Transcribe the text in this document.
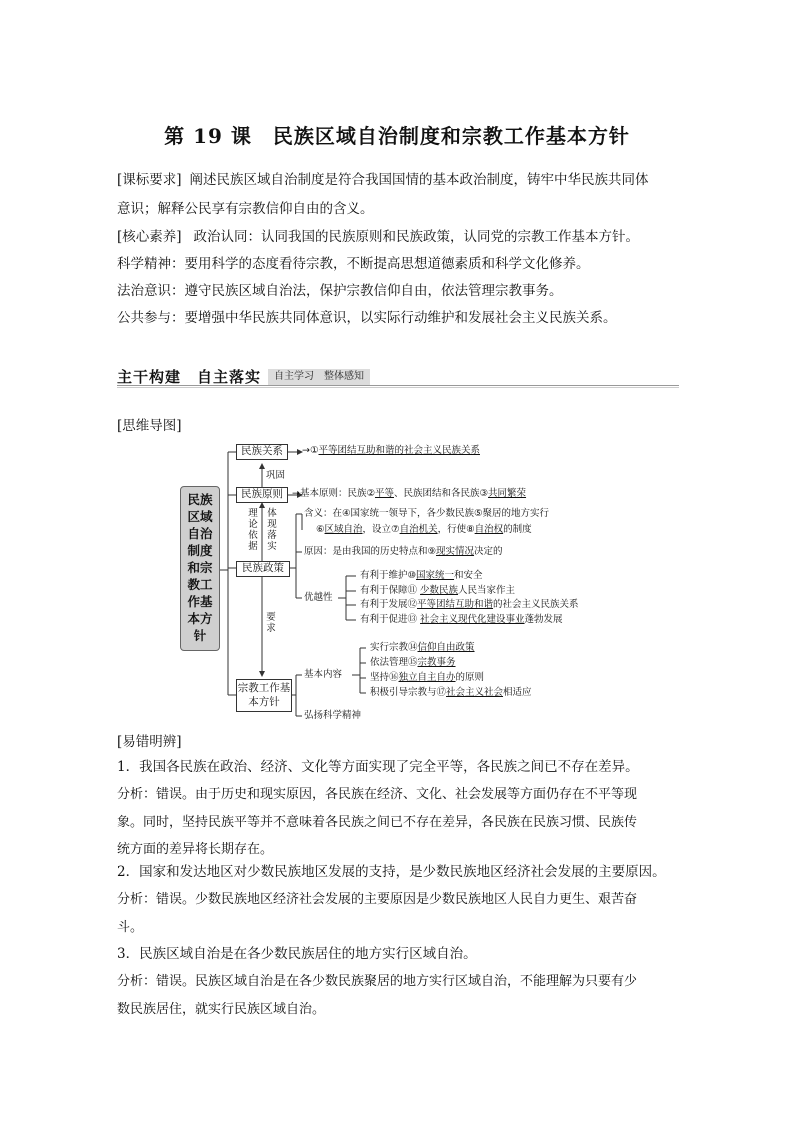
第 19 课　民族区域自治制度和宗教工作基本方针
[课标要求] 阐述民族区域自治制度是符合我国国情的基本政治制度，铸牢中华民族共同体
意识；解释公民享有宗教信仰自由的含义。
[核心素养] 政治认同：认同我国的民族原则和民族政策，认同党的宗教工作基本方针。
科学精神：要用科学的态度看待宗教，不断提高思想道德素质和科学文化修养。
法治意识：遵守民族区域自治法，保护宗教信仰自由，依法管理宗教事务。
公共参与：要增强中华民族共同体意识，以实际行动维护和发展社会主义民族关系。
主干构建　自主落实	自主学习　整体感知
[思维导图]
民族
区域
自治
制度
和宗
教工
作基
本方
针
民族关系	→①平等团结互助和谐的社会主义民族关系
巩固
民族原则 →基本原则：民族②平等、民族团结和各民族③共同繁荣
理论依据
体现落实
含义：在④国家统一领导下，各少数民族⑤聚居的地方实行
⑥区域自治，设立⑦自治机关，行使⑧自治权的制度
原因：是由我国的历史特点和⑨现实情况决定的
民族政策
优越性
有利于维护⑩国家统一和安全
有利于保障⑪ 少数民族人民当家作主
有利于发展⑫平等团结互助和谐的社会主义民族关系
有利于促进⑬ 社会主义现代化建设事业蓬勃发展
要求
宗教工作基本方针
基本内容
实行宗教⑭信仰自由政策
依法管理⑮宗教事务
坚持⑯独立自主自办的原则
积极引导宗教与⑰社会主义社会相适应
弘扬科学精神
[易错明辨]
1．我国各民族在政治、经济、文化等方面实现了完全平等，各民族之间已不存在差异。
分析：错误。由于历史和现实原因，各民族在经济、文化、社会发展等方面仍存在不平等现
象。同时，坚持民族平等并不意味着各民族之间已不存在差异，各民族在民族习惯、民族传
统方面的差异将长期存在。
2．国家和发达地区对少数民族地区发展的支持，是少数民族地区经济社会发展的主要原因。
分析：错误。少数民族地区经济社会发展的主要原因是少数民族地区人民自力更生、艰苦奋
斗。
3．民族区域自治是在各少数民族居住的地方实行区域自治。
分析：错误。民族区域自治是在各少数民族聚居的地方实行区域自治，不能理解为只要有少
数民族居住，就实行民族区域自治。
